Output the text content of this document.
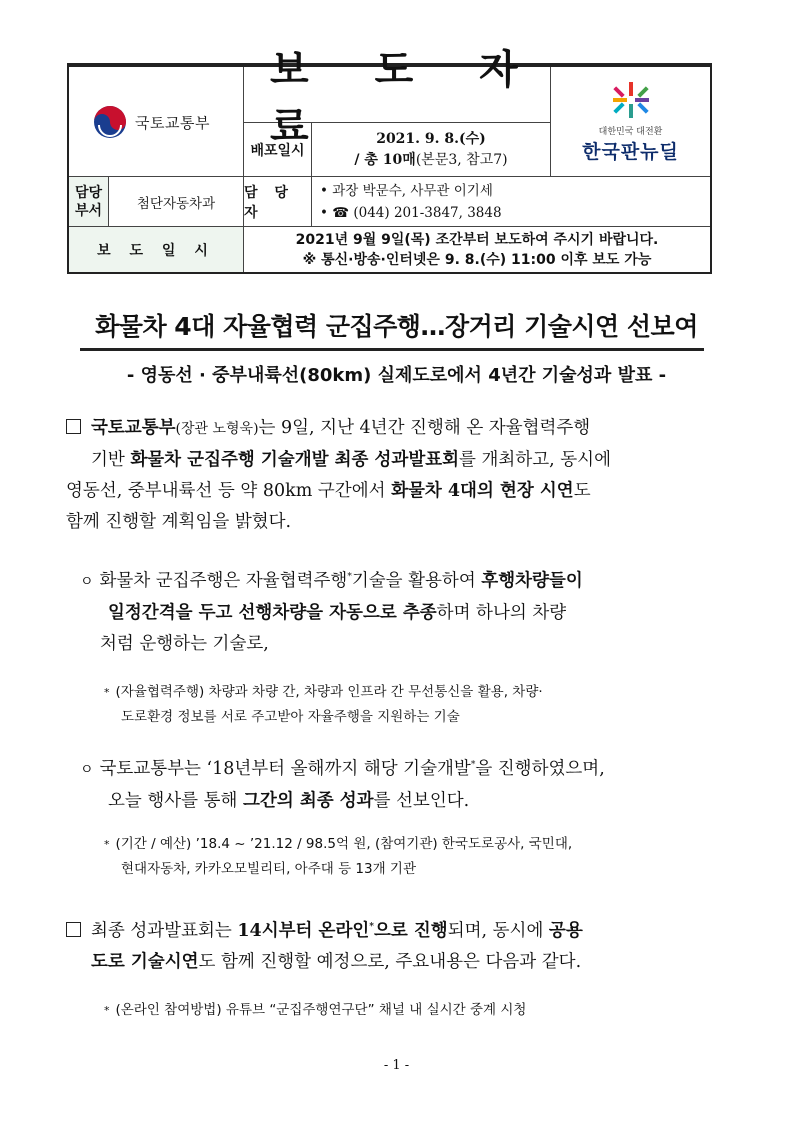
국토교통부
보 도 자 료	대한민국 대전환
한국판뉴딜
배포일시
2021. 9. 8.(수)
/ 총 10매(본문3, 참고7)
담당
부서	첨단자동차과
담 당 자
• 과장 박문수, 사무관 이기세
• ☎ (044) 201-3847, 3848
보 도 일 시
2021년 9월 9일(목) 조간부터 보도하여 주시기 바랍니다.
※ 통신·방송·인터넷은 9. 8.(수) 11:00 이후 보도 가능
화물차 4대 자율협력 군집주행…장거리 기술시연 선보여
- 영동선 · 중부내륙선(80km) 실제도로에서 4년간 기술성과 발표 -
국토교통부(장관 노형욱)는 9일, 지난 4년간 진행해 온 자율협력주행
기반 화물차 군집주행 기술개발 최종 성과발표회를 개최하고, 동시에
영동선, 중부내륙선 등 약 80km 구간에서 화물차 4대의 현장 시연도
함께 진행할 계획임을 밝혔다.
ㅇ 화물차 군집주행은 자율협력주행*기술을 활용하여 후행차량들이
일정간격을 두고 선행차량을 자동으로 추종하며 하나의 차량
처럼 운행하는 기술로,
* (자율협력주행) 차량과 차량 간, 차량과 인프라 간 무선통신을 활용, 차량·
도로환경 정보를 서로 주고받아 자율주행을 지원하는 기술
ㅇ 국토교통부는 ‘18년부터 올해까지 해당 기술개발*을 진행하였으며,
오늘 행사를 통해 그간의 최종 성과를 선보인다.
* (기간 / 예산) ’18.4 ~ ’21.12 / 98.5억 원, (참여기관) 한국도로공사, 국민대,
현대자동차, 카카오모빌리티, 아주대 등 13개 기관
최종 성과발표회는 14시부터 온라인*으로 진행되며, 동시에 공용
도로 기술시연도 함께 진행할 예정으로, 주요내용은 다음과 같다.
* (온라인 참여방법) 유튜브 “군집주행연구단” 채널 내 실시간 중계 시청
- 1 -
